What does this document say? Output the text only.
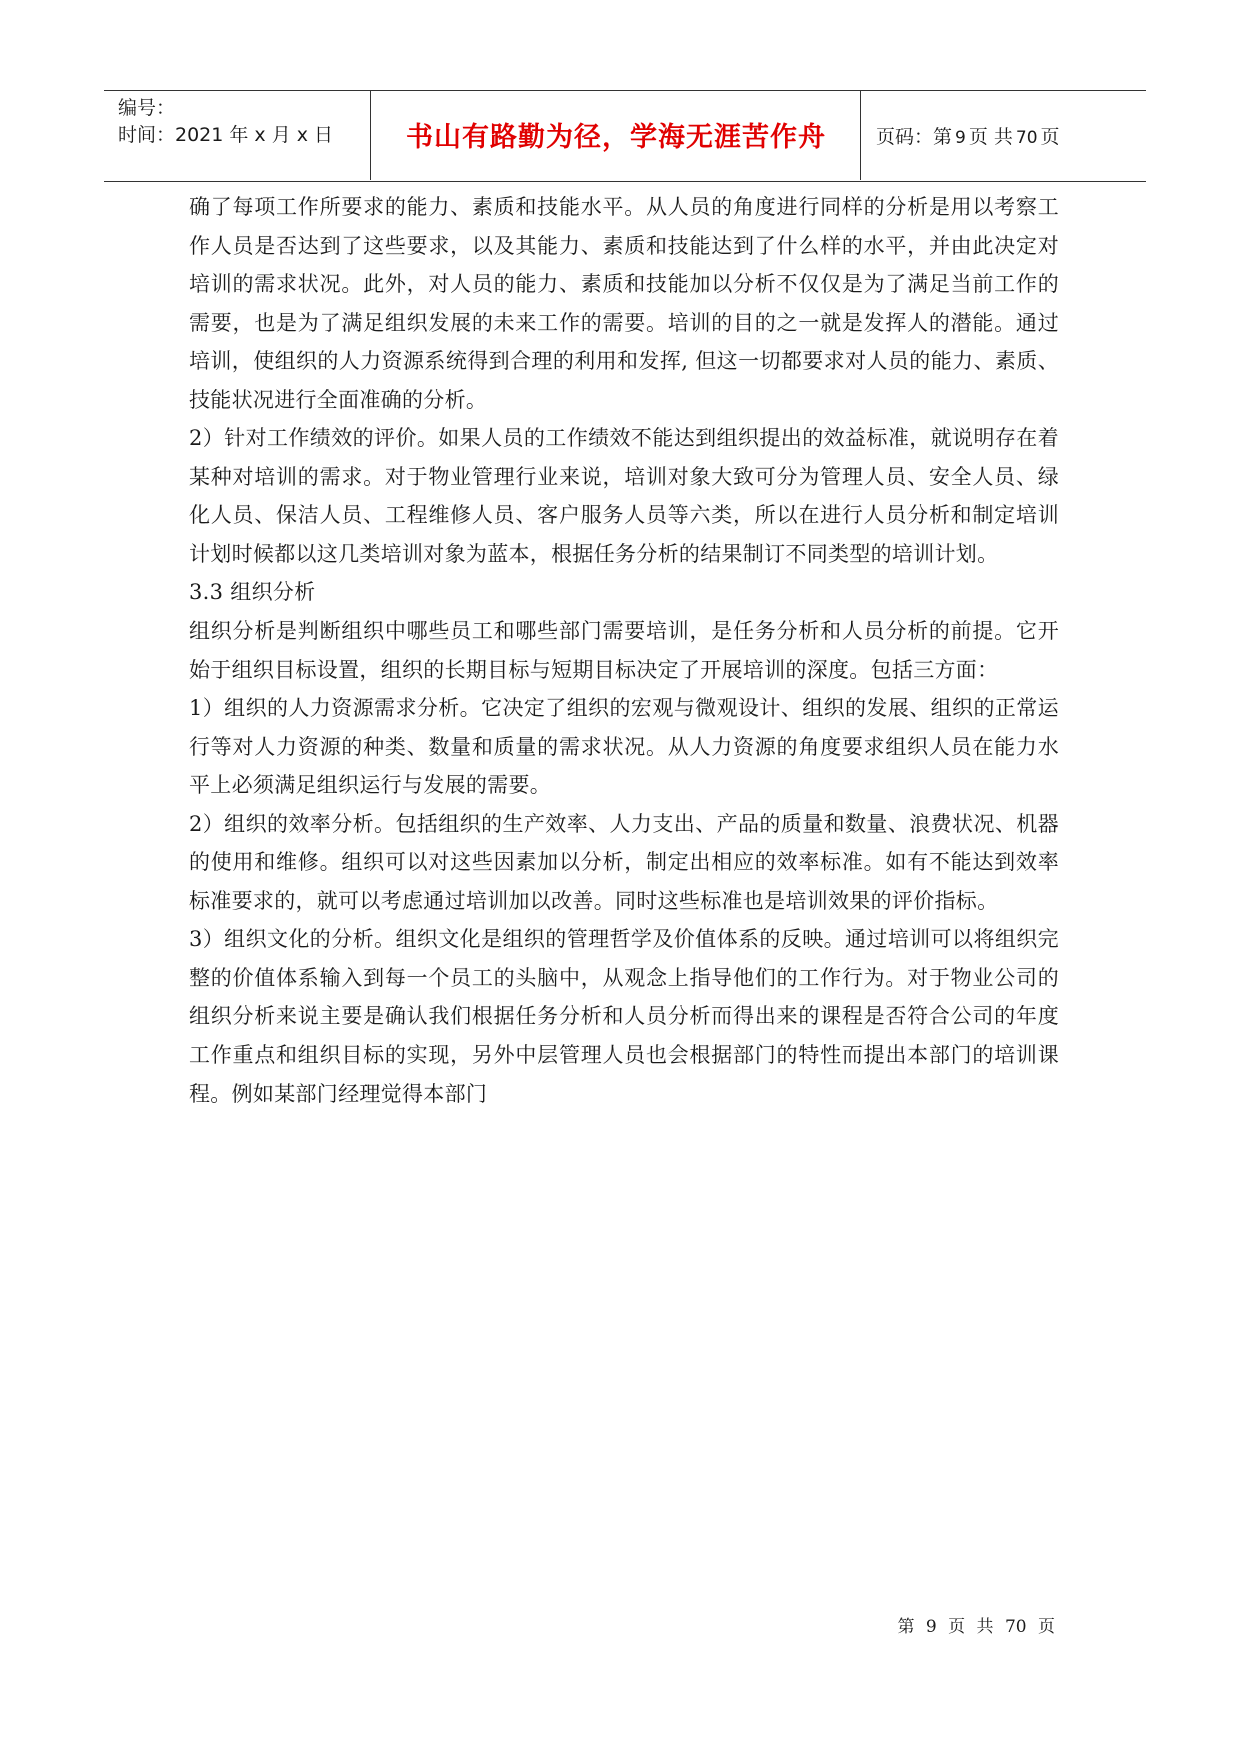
编号：
时间：2021 年 x 月 x 日	书山有路勤为径，学海无涯苦作舟	页码：第 9 页 共 70 页

确了每项工作所要求的能力、素质和技能水平。从人员的角度进行同样的分析是用以考察工作人员是否达到了这些要求，以及其能力、素质和技能达到了什么样的水平，并由此决定对培训的需求状况。此外，对人员的能力、素质和技能加以分析不仅仅是为了满足当前工作的需要，也是为了满足组织发展的未来工作的需要。培训的目的之一就是发挥人的潜能。通过培训，使组织的人力资源系统得到合理的利用和发挥, 但这一切都要求对人员的能力、素质、技能状况进行全面准确的分析。

2）针对工作绩效的评价。如果人员的工作绩效不能达到组织提出的效益标准，就说明存在着某种对培训的需求。对于物业管理行业来说，培训对象大致可分为管理人员、安全人员、绿化人员、保洁人员、工程维修人员、客户服务人员等六类，所以在进行人员分析和制定培训计划时候都以这几类培训对象为蓝本，根据任务分析的结果制订不同类型的培训计划。

3.3 组织分析

组织分析是判断组织中哪些员工和哪些部门需要培训，是任务分析和人员分析的前提。它开始于组织目标设置，组织的长期目标与短期目标决定了开展培训的深度。包括三方面：

1）组织的人力资源需求分析。它决定了组织的宏观与微观设计、组织的发展、组织的正常运行等对人力资源的种类、数量和质量的需求状况。从人力资源的角度要求组织人员在能力水平上必须满足组织运行与发展的需要。

2）组织的效率分析。包括组织的生产效率、人力支出、产品的质量和数量、浪费状况、机器的使用和维修。组织可以对这些因素加以分析，制定出相应的效率标准。如有不能达到效率标准要求的，就可以考虑通过培训加以改善。同时这些标准也是培训效果的评价指标。

3）组织文化的分析。组织文化是组织的管理哲学及价值体系的反映。通过培训可以将组织完整的价值体系输入到每一个员工的头脑中，从观念上指导他们的工作行为。对于物业公司的组织分析来说主要是确认我们根据任务分析和人员分析而得出来的课程是否符合公司的年度工作重点和组织目标的实现，另外中层管理人员也会根据部门的特性而提出本部门的培训课程。例如某部门经理觉得本部门

第 9 页 共 70 页
